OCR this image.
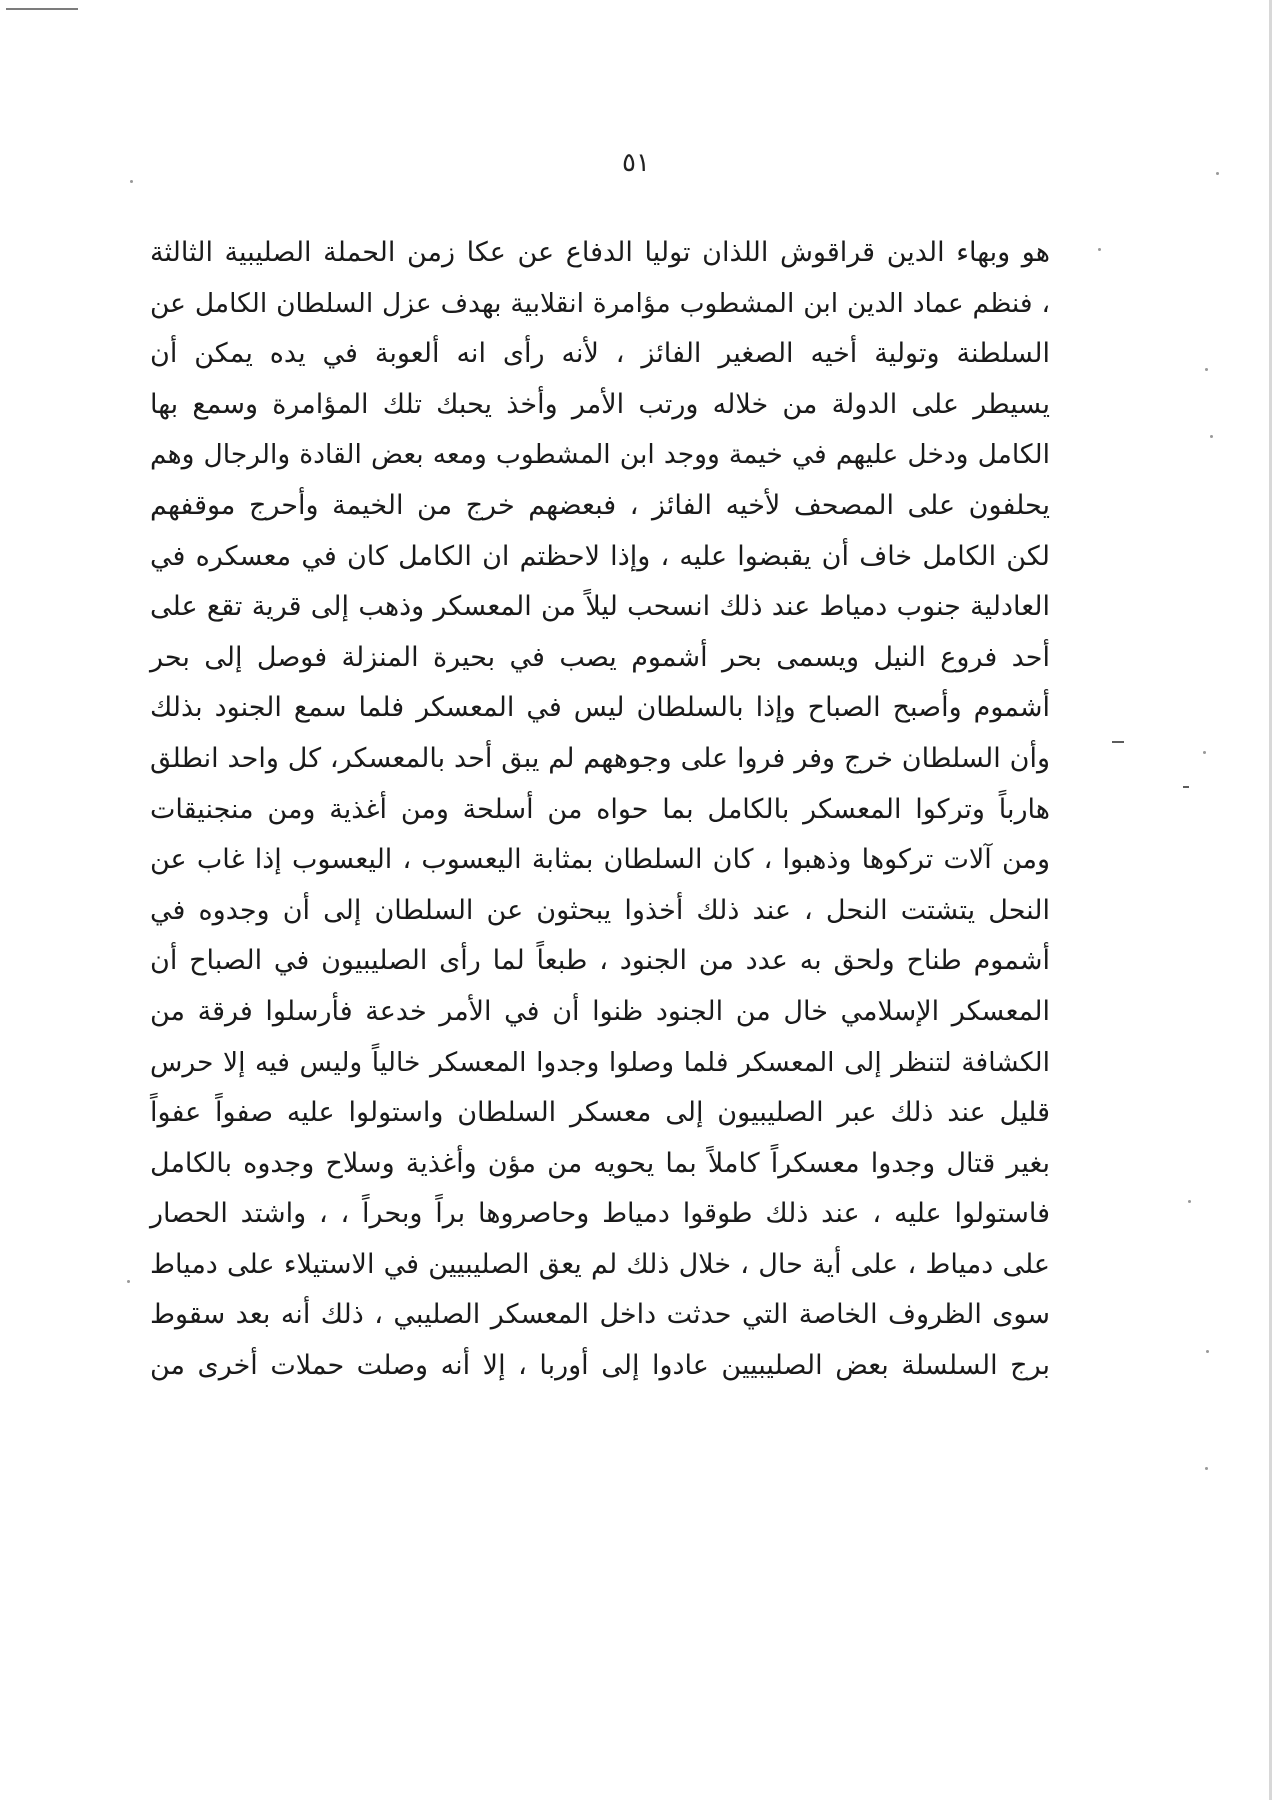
٥١
هو وبهاء الدين قراقوش اللذان توليا الدفاع عن عكا زمن الحملة الصليبية الثالثة
، فنظم عماد الدين ابن المشطوب مؤامرة انقلابية بهدف عزل السلطان الكامل عن
السلطنة وتولية أخيه الصغير الفائز ، لأنه رأى انه ألعوبة في يده يمكن أن
يسيطر على الدولة من خلاله ورتب الأمر وأخذ يحبك تلك المؤامرة وسمع بها
الكامل ودخل عليهم في خيمة ووجد ابن المشطوب ومعه بعض القادة والرجال وهم
يحلفون على المصحف لأخيه الفائز ، فبعضهم خرج من الخيمة وأحرج موقفهم
لكن الكامل خاف أن يقبضوا عليه ، وإذا لاحظتم ان الكامل كان في معسكره في
العادلية جنوب دمياط عند ذلك انسحب ليلاً من المعسكر وذهب إلى قرية تقع على
أحد فروع النيل ويسمى بحر أشموم يصب في بحيرة المنزلة فوصل إلى بحر
أشموم وأصبح الصباح وإذا بالسلطان ليس في المعسكر فلما سمع الجنود بذلك
وأن السلطان خرج وفر فروا على وجوههم لم يبق أحد بالمعسكر، كل واحد انطلق
هارباً وتركوا المعسكر بالكامل بما حواه من أسلحة ومن أغذية ومن منجنيقات
ومن آلات تركوها وذهبوا ، كان السلطان بمثابة اليعسوب ، اليعسوب إذا غاب عن
النحل يتشتت النحل ، عند ذلك أخذوا يبحثون عن السلطان إلى أن وجدوه في
أشموم طناح ولحق به عدد من الجنود ، طبعاً لما رأى الصليبيون في الصباح أن
المعسكر الإسلامي خال من الجنود ظنوا أن في الأمر خدعة فأرسلوا فرقة من
الكشافة لتنظر إلى المعسكر فلما وصلوا وجدوا المعسكر خالياً وليس فيه إلا حرس
قليل عند ذلك عبر الصليبيون إلى معسكر السلطان واستولوا عليه صفواً عفواً
بغير قتال وجدوا معسكراً كاملاً بما يحويه من مؤن وأغذية وسلاح وجدوه بالكامل
فاستولوا عليه ، عند ذلك طوقوا دمياط وحاصروها براً وبحراً ، ، واشتد الحصار
على دمياط ، على أية حال ، خلال ذلك لم يعق الصليبيين في الاستيلاء على دمياط
سوى الظروف الخاصة التي حدثت داخل المعسكر الصليبي ، ذلك أنه بعد سقوط
برج السلسلة بعض الصليبيين عادوا إلى أوربا ، إلا أنه وصلت حملات أخرى من
